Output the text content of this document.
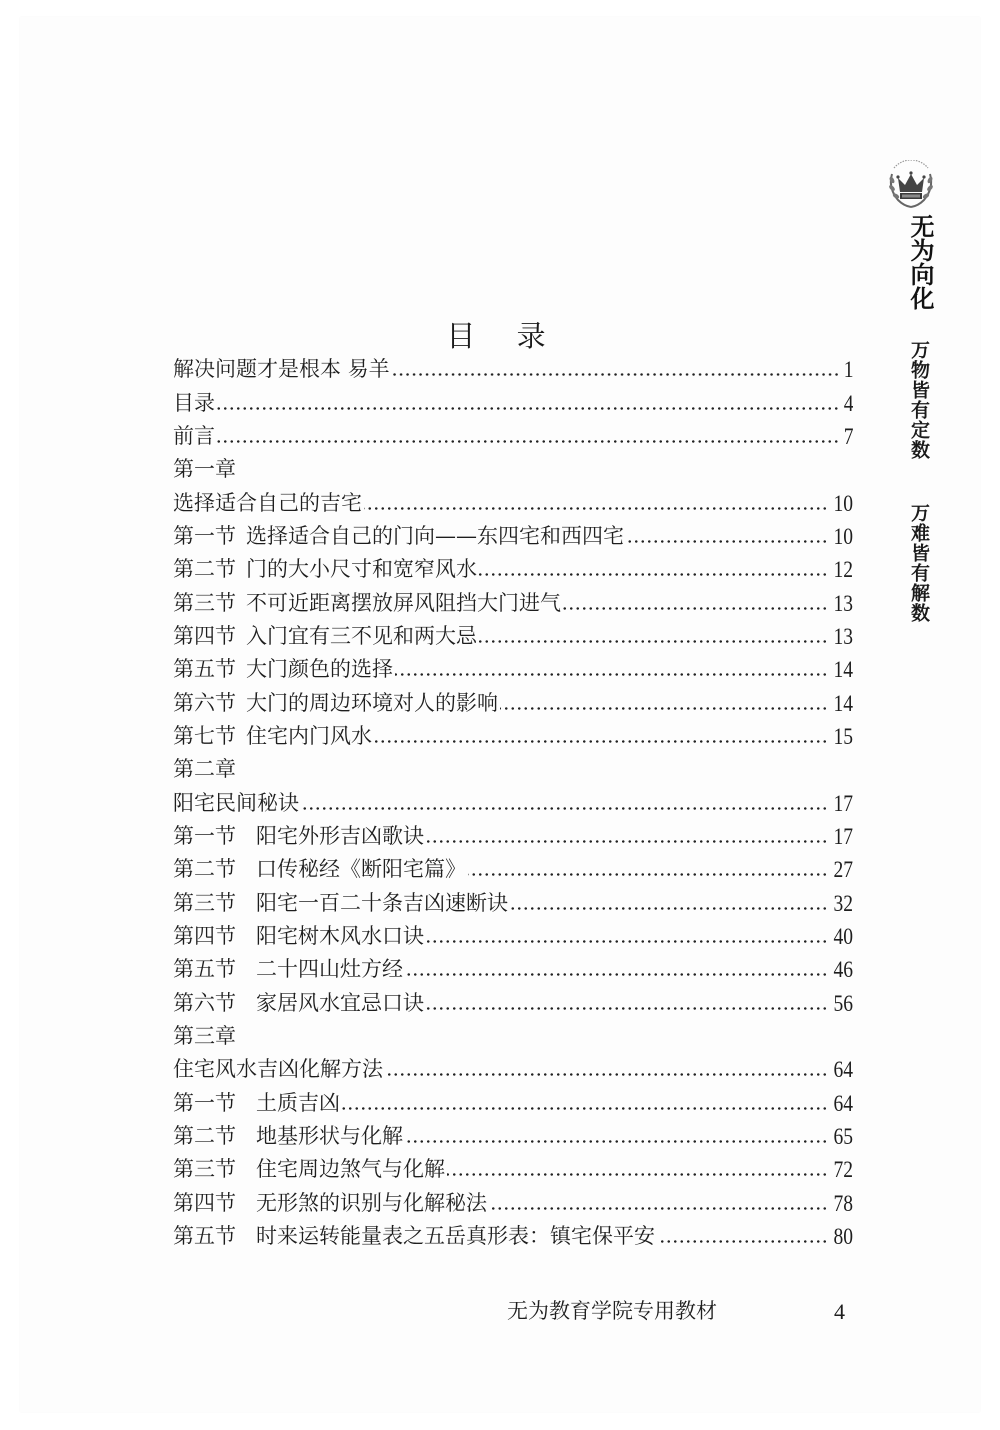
无为向化
万物皆有定数
万难皆有解数
目 录
解决问题才是根本 易羊	1
目录	4
前言	7
第一章
选择适合自己的吉宅	10
第一节 选择适合自己的门向——东四宅和西四宅	10
第二节 门的大小尺寸和宽窄风水	12
第三节 不可近距离摆放屏风阻挡大门进气	13
第四节 入门宜有三不见和两大忌	13
第五节 大门颜色的选择	14
第六节 大门的周边环境对人的影响	14
第七节 住宅内门风水	15
第二章
阳宅民间秘诀	17
第一节 阳宅外形吉凶歌诀	17
第二节 口传秘经《断阳宅篇》	27
第三节 阳宅一百二十条吉凶速断诀	32
第四节 阳宅树木风水口诀	40
第五节 二十四山灶方经	46
第六节 家居风水宜忌口诀	56
第三章
住宅风水吉凶化解方法	64
第一节 土质吉凶	64
第二节 地基形状与化解	65
第三节 住宅周边煞气与化解	72
第四节 无形煞的识别与化解秘法	78
第五节 时来运转能量表之五岳真形表：镇宅保平安	80
无为教育学院专用教材	4
